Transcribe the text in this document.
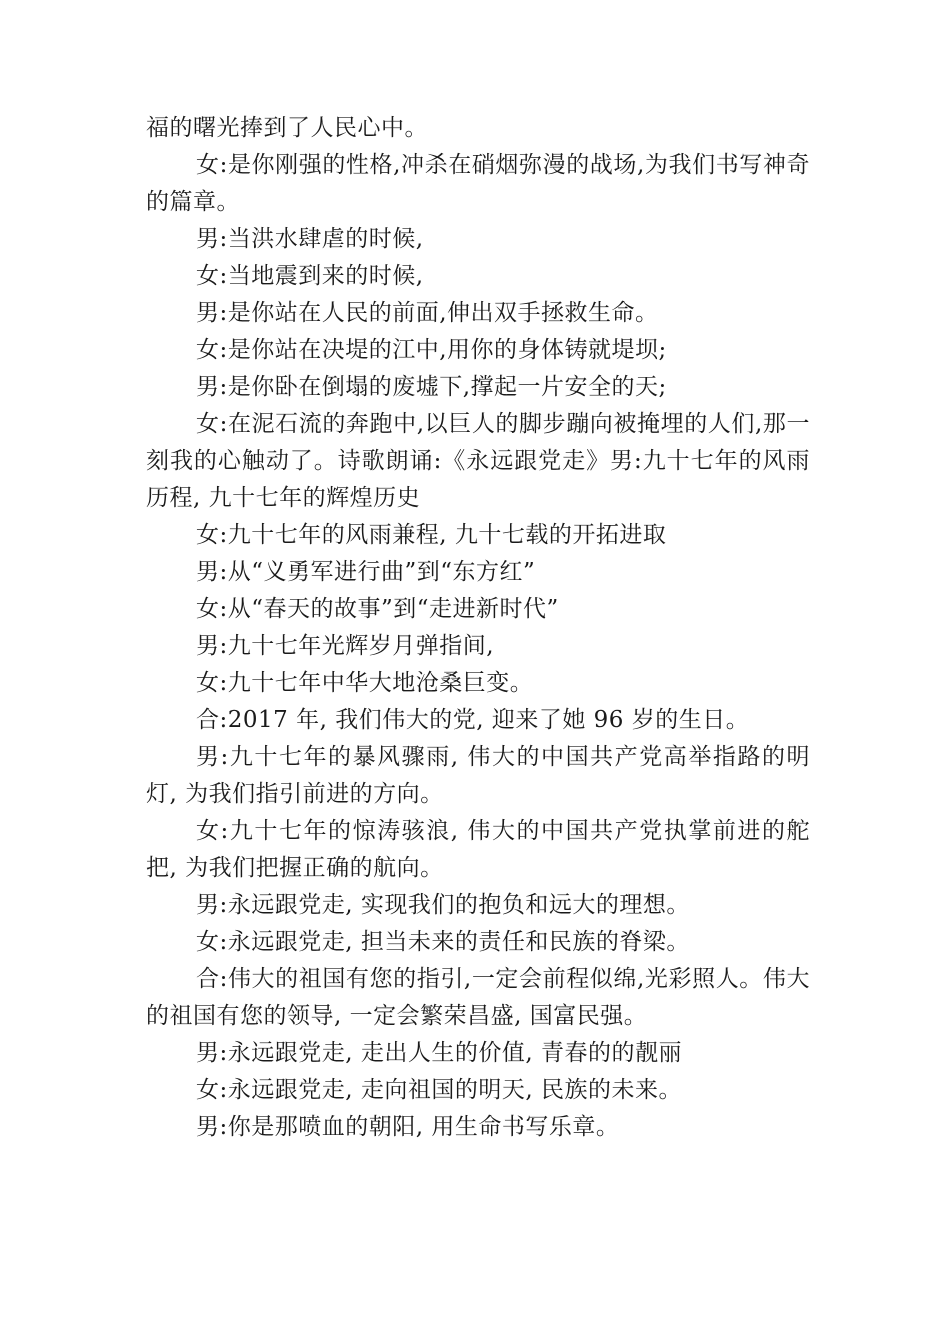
福的曙光捧到了人民心中。

女:是你刚强的性格,冲杀在硝烟弥漫的战场,为我们书写神奇的篇章。

男:当洪水肆虐的时候,

女:当地震到来的时候,

男:是你站在人民的前面,伸出双手拯救生命。

女:是你站在决堤的江中,用你的身体铸就堤坝;

男:是你卧在倒塌的废墟下,撑起一片安全的天;

女:在泥石流的奔跑中,以巨人的脚步蹦向被掩埋的人们,那一刻我的心触动了。诗歌朗诵:《永远跟党走》男:九十七年的风雨历程, 九十七年的辉煌历史

女:九十七年的风雨兼程, 九十七载的开拓进取

男:从“义勇军进行曲”到“东方红”

女:从“春天的故事”到“走进新时代”

男:九十七年光辉岁月弹指间,

女:九十七年中华大地沧桑巨变。

合:2017 年, 我们伟大的党, 迎来了她 96 岁的生日。

男:九十七年的暴风骤雨, 伟大的中国共产党高举指路的明灯, 为我们指引前进的方向。

女:九十七年的惊涛骇浪, 伟大的中国共产党执掌前进的舵把, 为我们把握正确的航向。

男:永远跟党走, 实现我们的抱负和远大的理想。

女:永远跟党走, 担当未来的责任和民族的脊梁。

合:伟大的祖国有您的指引,一定会前程似绵,光彩照人。伟大的祖国有您的领导, 一定会繁荣昌盛, 国富民强。

男:永远跟党走, 走出人生的价值, 青春的的靓丽

女:永远跟党走, 走向祖国的明天, 民族的未来。

男:你是那喷血的朝阳, 用生命书写乐章。
